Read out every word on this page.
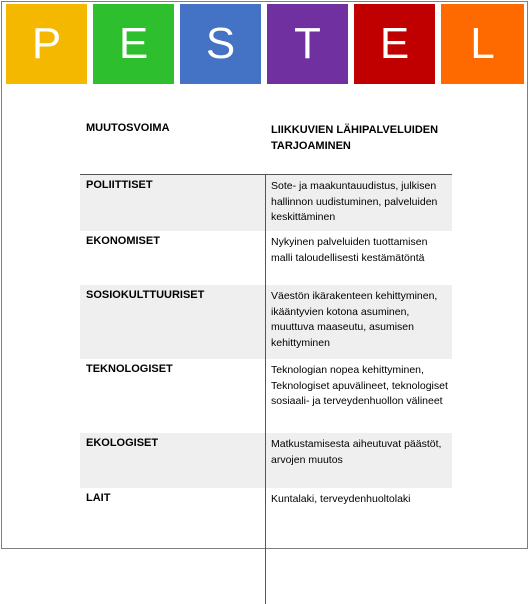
P	E	S	T	E	L
MUUTOSVOIMA	LIIKKUVIEN LÄHIPALVELUIDEN TARJOAMINEN
POLIITTISET	Sote- ja maakuntauudistus, julkisen hallinnon uudistuminen, palveluiden keskittäminen
EKONOMISET	Nykyinen palveluiden tuottamisen malli taloudellisesti kestämätöntä
SOSIOKULTTUURISET	Väestön ikärakenteen kehittyminen, ikääntyvien kotona asuminen, muuttuva maaseutu, asumisen kehittyminen
TEKNOLOGISET	Teknologian nopea kehittyminen, Teknologiset apuvälineet, teknologiset sosiaali- ja terveydenhuollon välineet
EKOLOGISET	Matkustamisesta aiheutuvat päästöt, arvojen muutos
LAIT	Kuntalaki, terveydenhuoltolaki
